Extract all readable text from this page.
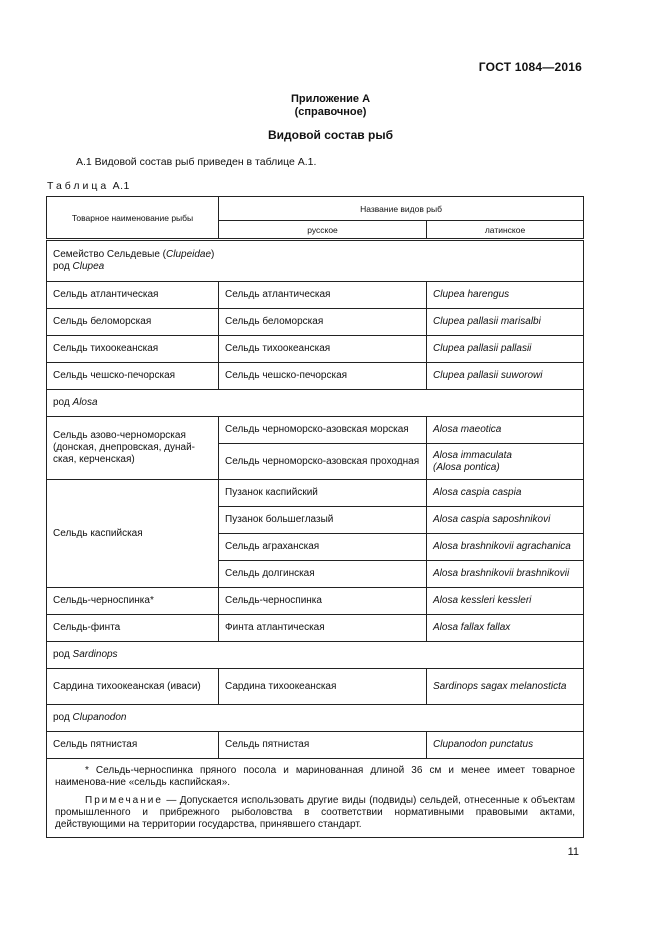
ГОСТ 1084—2016
Приложение А
(справочное)
Видовой состав рыб
А.1 Видовой состав рыб приведен в таблице А.1.
Таблица А.1
Товарное наименование рыбы	Название видов рыб	
	русское	латинское

Семейство Сельдевые (Clupeidae)
род Clupea		

Сельдь атлантическая	Сельдь атлантическая	Clupea harengus
Сельдь беломорская	Сельдь беломорская	Clupea pallasii marisalbi
Сельдь тихоокеанская	Сельдь тихоокеанская	Clupea pallasii pallasii
Сельдь чешско-печорская	Сельдь чешско-печорская	Clupea pallasii suworowi
род Alosa		
Сельдь азово-черноморская (донская, днепровская, дунай-ская, керченская)	Сельдь черноморско-азовская морская	Alosa maeotica
	Сельдь черноморско-азовская проходная	Alosa immaculata
(Alosa pontica)

Сельдь каспийская	Пузанок каспийский	Alosa caspia caspia
	Пузанок большеглазый	Alosa caspia saposhnikovi
	Сельдь аграханская	Alosa brashnikovii agrachanica
	Сельдь долгинская	Alosa brashnikovii brashnikovii
Сельдь-черноспинка*	Сельдь-черноспинка	Alosa kessleri kessleri
Сельдь-финта	Финта атлантическая	Alosa fallax fallax
род Sardinops		
Сардина тихоокеанская (иваси)	Сардина тихоокеанская	Sardinops sagax melanosticta
род Clupanodon		
Сельдь пятнистая	Сельдь пятнистая	Clupanodon punctatus

* Сельдь-черноспинка пряного посола и маринованная длиной 36 см и менее имеет товарное наименова-ние «сельдь каспийская».

Примечание — Допускается использовать другие виды (подвиды) сельдей, отнесенные к объектам промышленного и прибрежного рыболовства в соответствии нормативными правовыми актами, действующими на территории государства, принявшего стандарт.		

11
